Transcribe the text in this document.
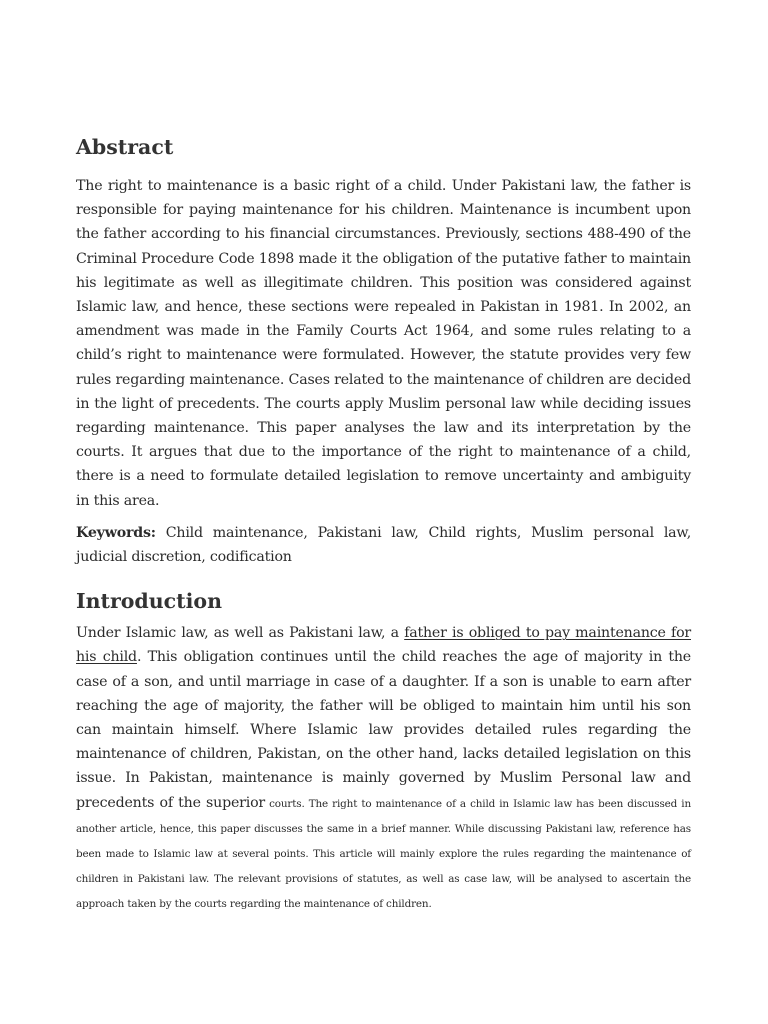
Abstract

The right to maintenance is a basic right of a child. Under Pakistani law, the father is responsible for paying maintenance for his children. Maintenance is incumbent upon the father according to his financial circumstances. Previously, sections 488-490 of the Criminal Procedure Code 1898 made it the obligation of the putative father to maintain his legitimate as well as illegitimate children. This position was considered against Islamic law, and hence, these sections were repealed in Pakistan in 1981. In 2002, an amendment was made in the Family Courts Act 1964, and some rules relating to a child’s right to maintenance were formulated. However, the statute provides very few rules regarding maintenance. Cases related to the maintenance of children are decided in the light of precedents. The courts apply Muslim personal law while deciding issues regarding maintenance. This paper analyses the law and its interpretation by the courts. It argues that due to the importance of the right to maintenance of a child, there is a need to formulate detailed legislation to remove uncertainty and ambiguity in this area.

Keywords: Child maintenance, Pakistani law, Child rights, Muslim personal law, judicial discretion, codification

Introduction

Under Islamic law, as well as Pakistani law, a father is obliged to pay maintenance for his child. This obligation continues until the child reaches the age of majority in the case of a son, and until marriage in case of a daughter. If a son is unable to earn after reaching the age of majority, the father will be obliged to maintain him until his son can maintain himself. Where Islamic law provides detailed rules regarding the maintenance of children, Pakistan, on the other hand, lacks detailed legislation on this issue. In Pakistan, maintenance is mainly governed by Muslim Personal law and precedents of the superior courts. The right to maintenance of a child in Islamic law has been discussed in another article, hence, this paper discusses the same in a brief manner. While discussing Pakistani law, reference has been made to Islamic law at several points. This article will mainly explore the rules regarding the maintenance of children in Pakistani law. The relevant provisions of statutes, as well as case law, will be analysed to ascertain the approach taken by the courts regarding the maintenance of children.
